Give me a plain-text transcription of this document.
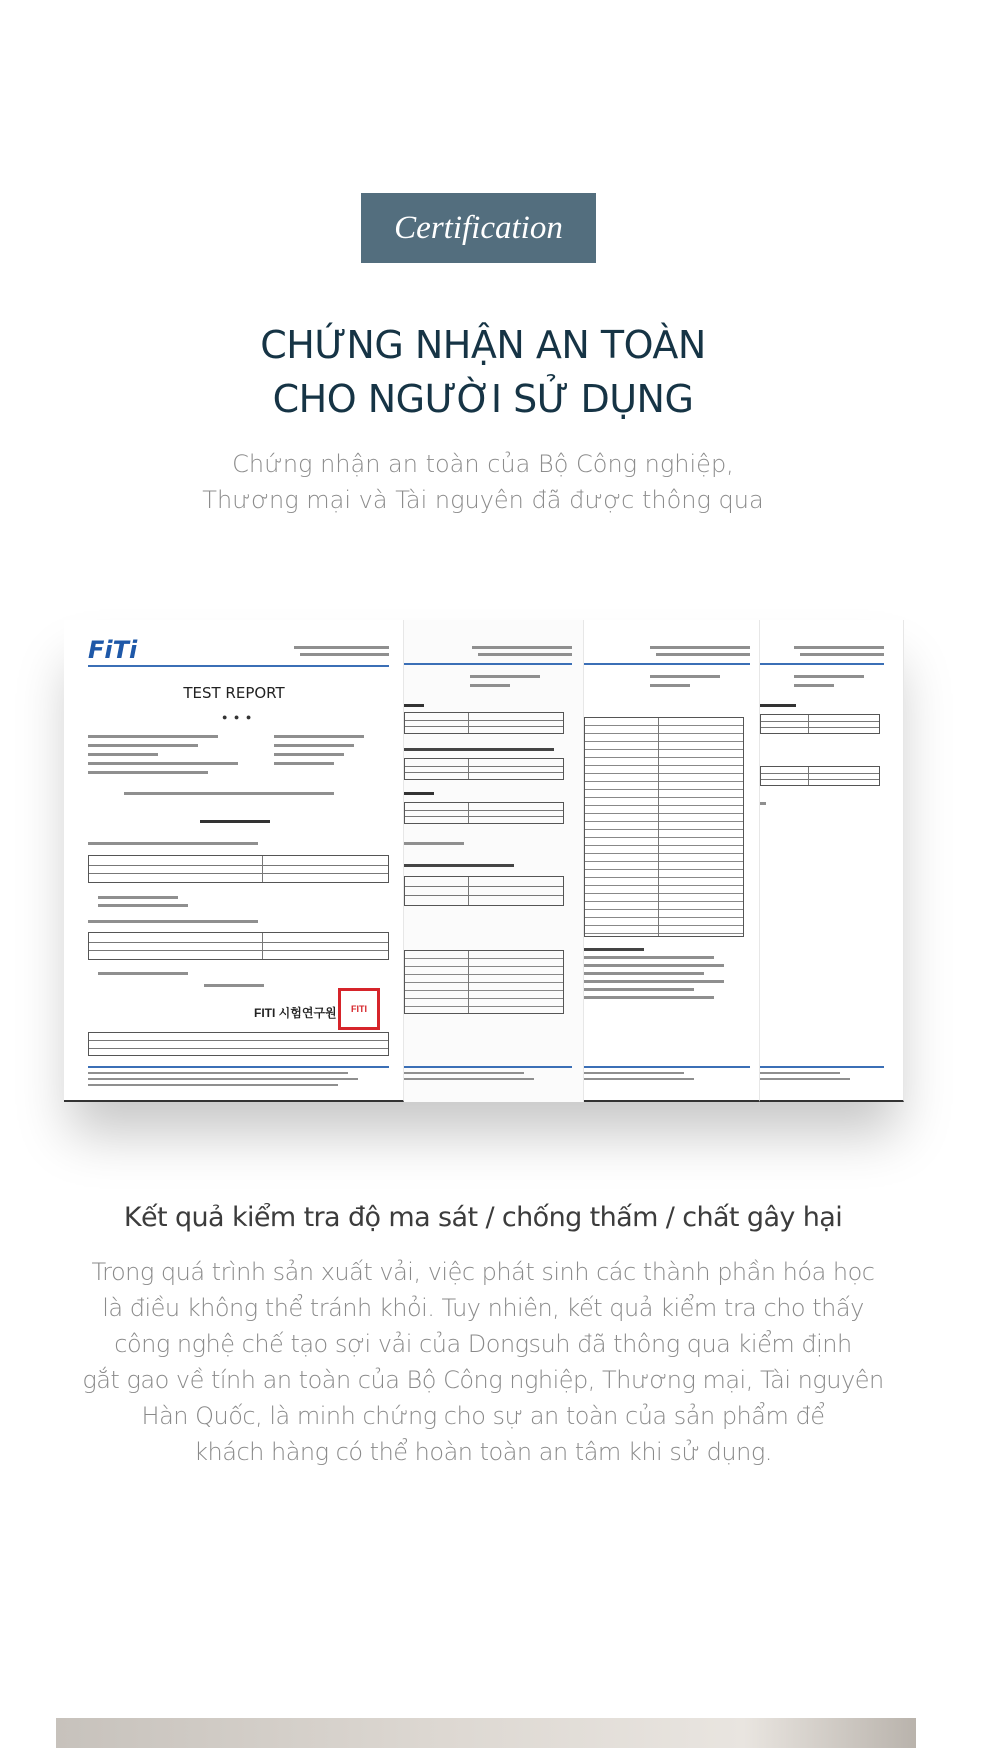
Certification
CHỨNG NHẬN AN TOÀN
CHO NGƯỜI SỬ DỤNG
Chứng nhận an toàn của Bộ Công nghiệp,
Thương mại và Tài nguyên đã được thông qua
FiTi
TEST REPORT
● ● ●
FITI 시험연구원	FITI
Kết quả kiểm tra độ ma sát / chống thấm / chất gây hại
Trong quá trình sản xuất vải, việc phát sinh các thành phần hóa học
là điều không thể tránh khỏi. Tuy nhiên, kết quả kiểm tra cho thấy
công nghệ chế tạo sợi vải của Dongsuh đã thông qua kiểm định
gắt gao về tính an toàn của Bộ Công nghiệp, Thương mại, Tài nguyên
Hàn Quốc, là minh chứng cho sự an toàn của sản phẩm để
khách hàng có thể hoàn toàn an tâm khi sử dụng.
